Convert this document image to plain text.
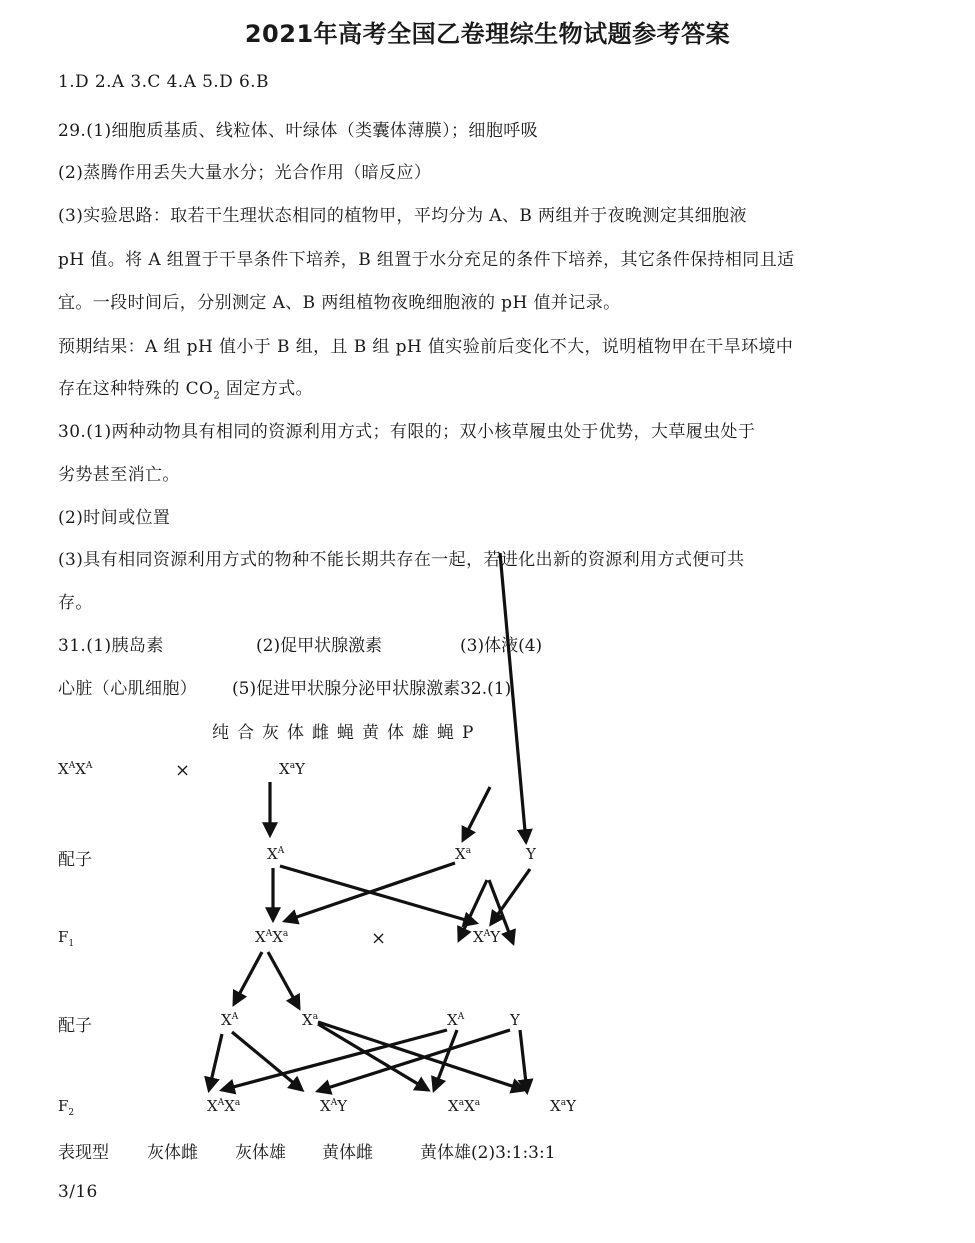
2021年高考全国乙卷理综生物试题参考答案
1.D 2.A 3.C 4.A 5.D 6.B
29.(1)细胞质基质、线粒体、叶绿体（类囊体薄膜）；细胞呼吸
(2)蒸腾作用丢失大量水分；光合作用（暗反应）
(3)实验思路：取若干生理状态相同的植物甲，平均分为 A、B 两组并于夜晚测定其细胞液
pH 值。将 A 组置于干旱条件下培养，B 组置于水分充足的条件下培养，其它条件保持相同且适
宜。一段时间后，分别测定 A、B 两组植物夜晚细胞液的 pH 值并记录。
预期结果：A 组 pH 值小于 B 组，且 B 组 pH 值实验前后变化不大，说明植物甲在干旱环境中
存在这种特殊的 $CO_2$ 固定方式。
30.(1)两种动物具有相同的资源利用方式；有限的；双小核草履虫处于优势，大草履虫处于
劣势甚至消亡。
(2)时间或位置
(3)具有相同资源利用方式的物种不能长期共存在一起，若进化出新的资源利用方式便可共
存。
31.(1)胰岛素	(2)促甲状腺激素	(3)体液(4)
心脏（心肌细胞） (5)促进甲状腺分泌甲状腺激素32.(1)
纯合灰体雌蝇黄体雄蝇P
$X^AX^A$	×	$X^aY$
配子	$X^A$	$X^a$	Y
$F_1$	$X^AX^a$	×	$X^AY$
配子	$X^A$	$X^a$	$X^A$	Y
$F_2$	$X^AX^a$	$X^AY$	$X^aX^a$	$X^aY$
表现型 灰体雌 灰体雄 黄体雌	黄体雄(2)3:1:3:1
3/16
